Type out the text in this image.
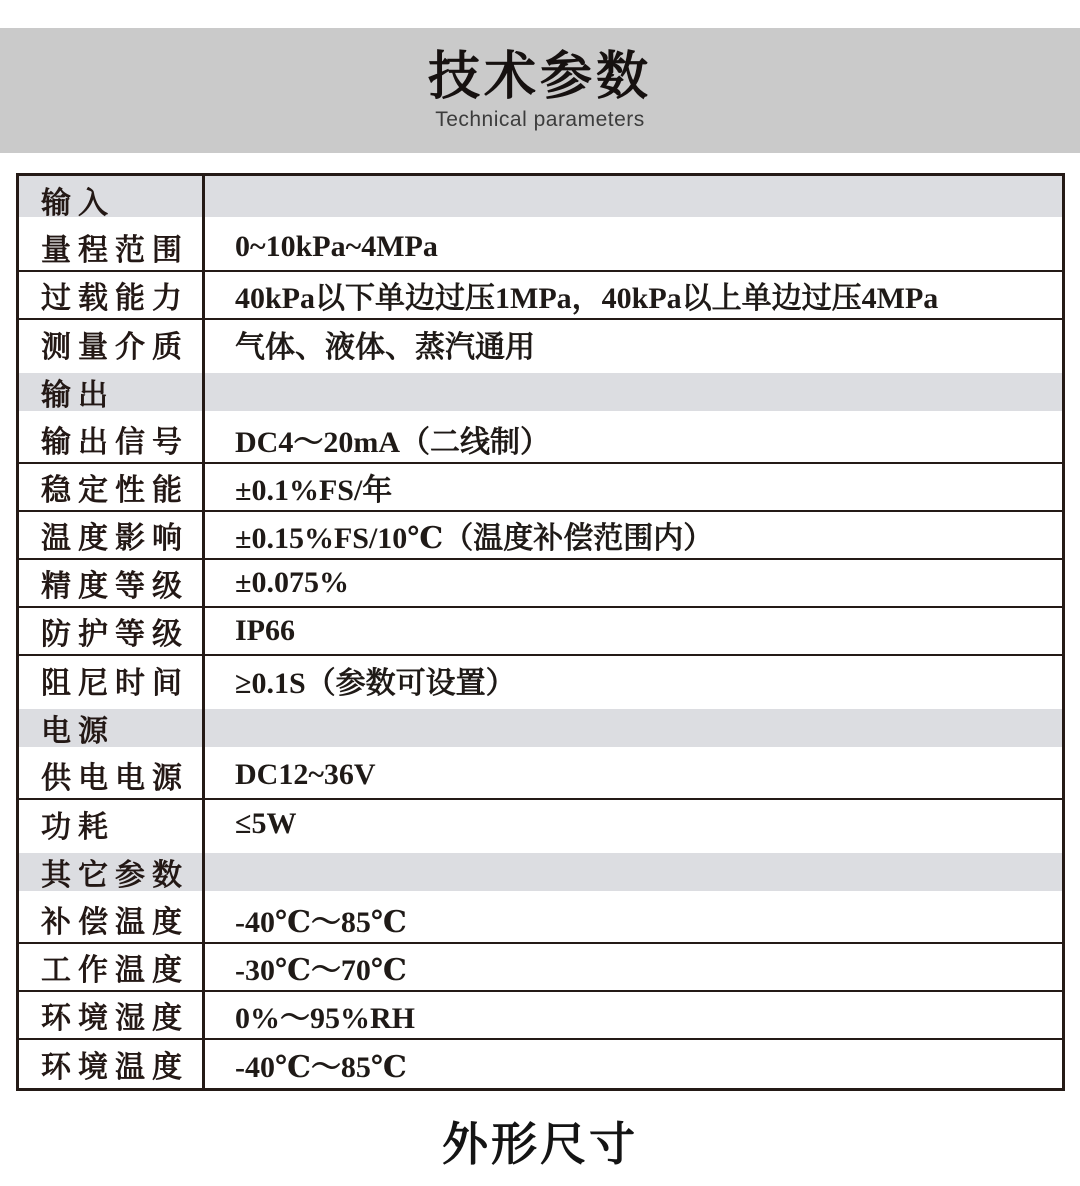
技术参数
Technical parameters
输入
量程范围	0~10kPa~4MPa
过载能力	40kPa以下单边过压1MPa，40kPa以上单边过压4MPa
测量介质	气体、液体、蒸汽通用
输出
输出信号	DC4～20mA（二线制）
稳定性能	±0.1%FS/年
温度影响	±0.15%FS/10℃（温度补偿范围内）
精度等级	±0.075%
防护等级	IP66
阻尼时间	≥0.1S（参数可设置）
电源
供电电源	DC12~36V
功耗	≤5W
其它参数
补偿温度	-40℃～85℃
工作温度	-30℃～70℃
环境湿度	0%～95%RH
环境温度	-40℃～85℃
外形尺寸
